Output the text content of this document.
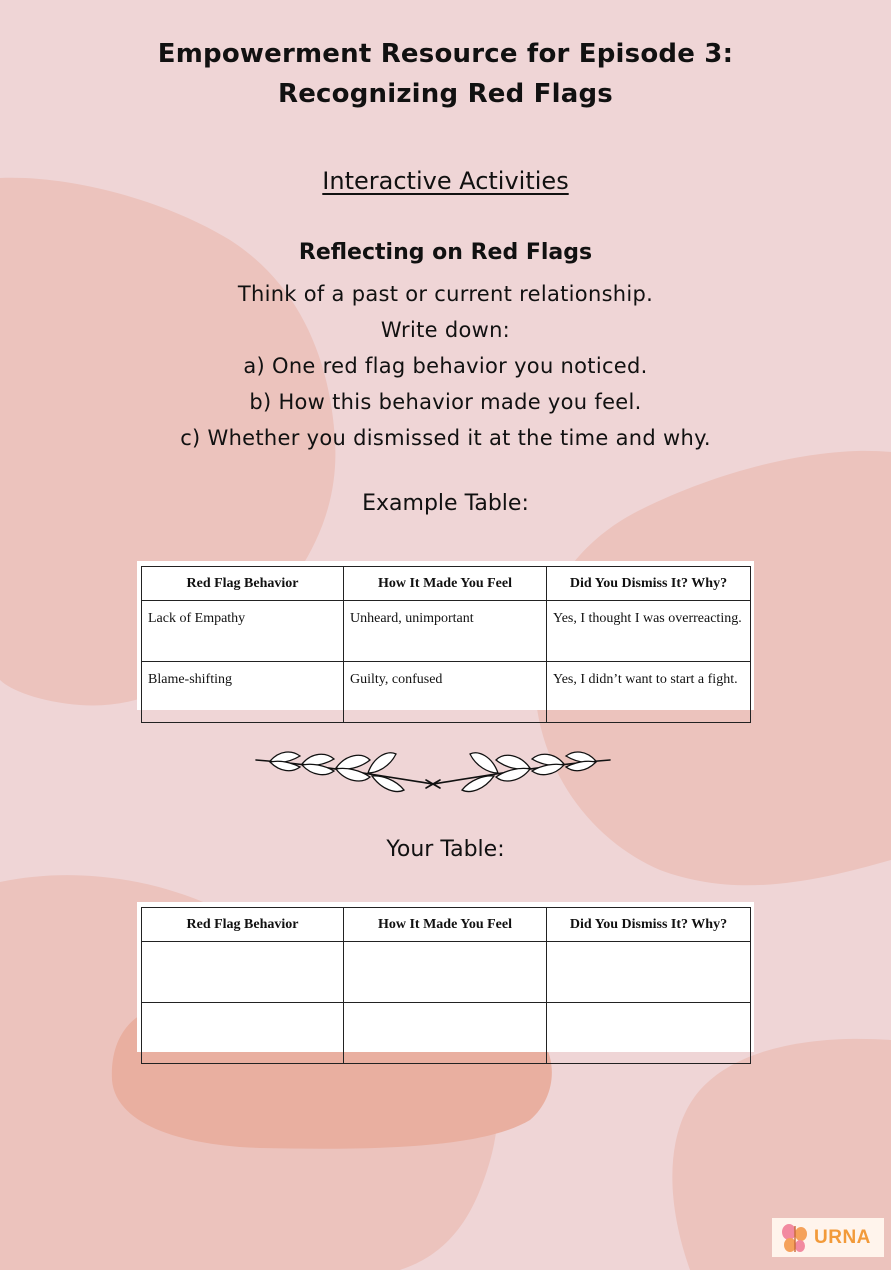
Empowerment Resource for Episode 3:
Recognizing Red Flags
Interactive Activities
Reflecting on Red Flags
Think of a past or current relationship.
Write down:
a) One red flag behavior you noticed.
b) How this behavior made you feel.
c) Whether you dismissed it at the time and why.
Example Table:
Red Flag Behavior	How It Made You Feel	Did You Dismiss It? Why?
Lack of Empathy	Unheard, unimportant	Yes, I thought I was overreacting.
Blame-shifting	Guilty, confused	Yes, I didn’t want to start a fight.
Your Table:
Red Flag Behavior	How It Made You Feel	Did You Dismiss It? Why?

URNA
